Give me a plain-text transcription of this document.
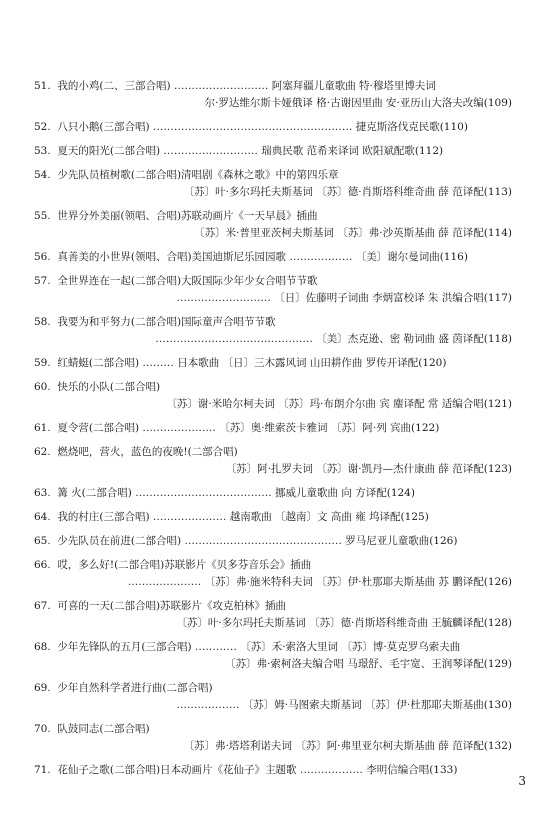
51. 我的小鸡(二、三部合唱) ……………………… 阿塞拜疆儿童歌曲 特·穆塔里博夫词
尔·罗达维尔斯卡娅俄译 格·古谢因里曲 安·亚历山大洛夫改编(109)
52. 八只小鹅(三部合唱) ………………………………………………… 捷克斯洛伐克民歌(110)
53. 夏天的阳光(二部合唱) ……………………… 瑞典民歌 范希来译词 欧阳斌配歌(112)
54. 少先队员植树歌(二部合唱)清唱剧《森林之歌》中的第四乐章
〔苏〕叶·多尔玛托夫斯基词 〔苏〕德·肖斯塔科维奇曲 薛 范译配(113)
55. 世界分外美丽(领唱、合唱)苏联动画片《一天早晨》插曲
〔苏〕米·普里亚茨柯夫斯基词 〔苏〕弗·沙英斯基曲 薛 范译配(114)
56. 真善美的小世界(领唱、合唱)美国迪斯尼乐园园歌 ……………… 〔美〕谢尔曼词曲(116)
57. 全世界连在一起(二部合唱)大阪国际少年少女合唱节节歌
……………………… 〔日〕佐藤明子词曲 李炳富校译 朱 洪编合唱(117)
58. 我要为和平努力(二部合唱)国际童声合唱节节歌
……………………………………… 〔美〕杰克逊、密 勒词曲 盛 茵译配(118)
59. 红蜻蜓(二部合唱) ……… 日本歌曲 〔日〕三木露风词 山田耕作曲 罗传开译配(120)
60. 快乐的小队(二部合唱)
〔苏〕谢·米哈尔柯夫词 〔苏〕玛·布朗介尔曲 宾 麈译配 常 适编合唱(121)
61. 夏令营(二部合唱) ………………… 〔苏〕奥·维索茨卡雅词 〔苏〕阿·列 宾曲(122)
62. 燃烧吧，营火，蓝色的夜晚!(二部合唱)
〔苏〕阿·扎罗夫词 〔苏〕谢·凯丹—杰什康曲 薛 范译配(123)
63. 篝 火(二部合唱) ………………………………… 挪威儿童歌曲 向 方译配(124)
64. 我的村庄(三部合唱) ………………… 越南歌曲 〔越南〕文 高曲 雍 坞译配(125)
65. 少先队员在前进(二部合唱) ……………………………………… 罗马尼亚儿童歌曲(126)
66. 哎，多么好!(二部合唱)苏联影片《贝多芬音乐会》插曲
………………… 〔苏〕弗·施米特科夫词 〔苏〕伊·杜那耶夫斯基曲 苏 鹏译配(126)
67. 可喜的一天(二部合唱)苏联影片《攻克柏林》插曲
〔苏〕叶·多尔玛托夫斯基词 〔苏〕德·肖斯塔科维奇曲 王毓麟译配(128)
68. 少年先锋队的五月(三部合唱) ………… 〔苏〕禾·索洛大里词 〔苏〕博·莫克罗乌索夫曲
〔苏〕弗·索柯洛夫编合唱 马璟舒、毛宇宽、王润琴译配(129)
69. 少年自然科学者进行曲(二部合唱)
……………… 〔苏〕姆·马图索夫斯基词 〔苏〕伊·杜那耶夫斯基曲(130)
70. 队鼓同志(二部合唱)
〔苏〕弗·塔塔利诺夫词 〔苏〕阿·弗里亚尔柯夫斯基曲 薛 范译配(132)
71. 花仙子之歌(二部合唱)日本动画片《花仙子》主题歌 ……………… 李明信编合唱(133)
3
